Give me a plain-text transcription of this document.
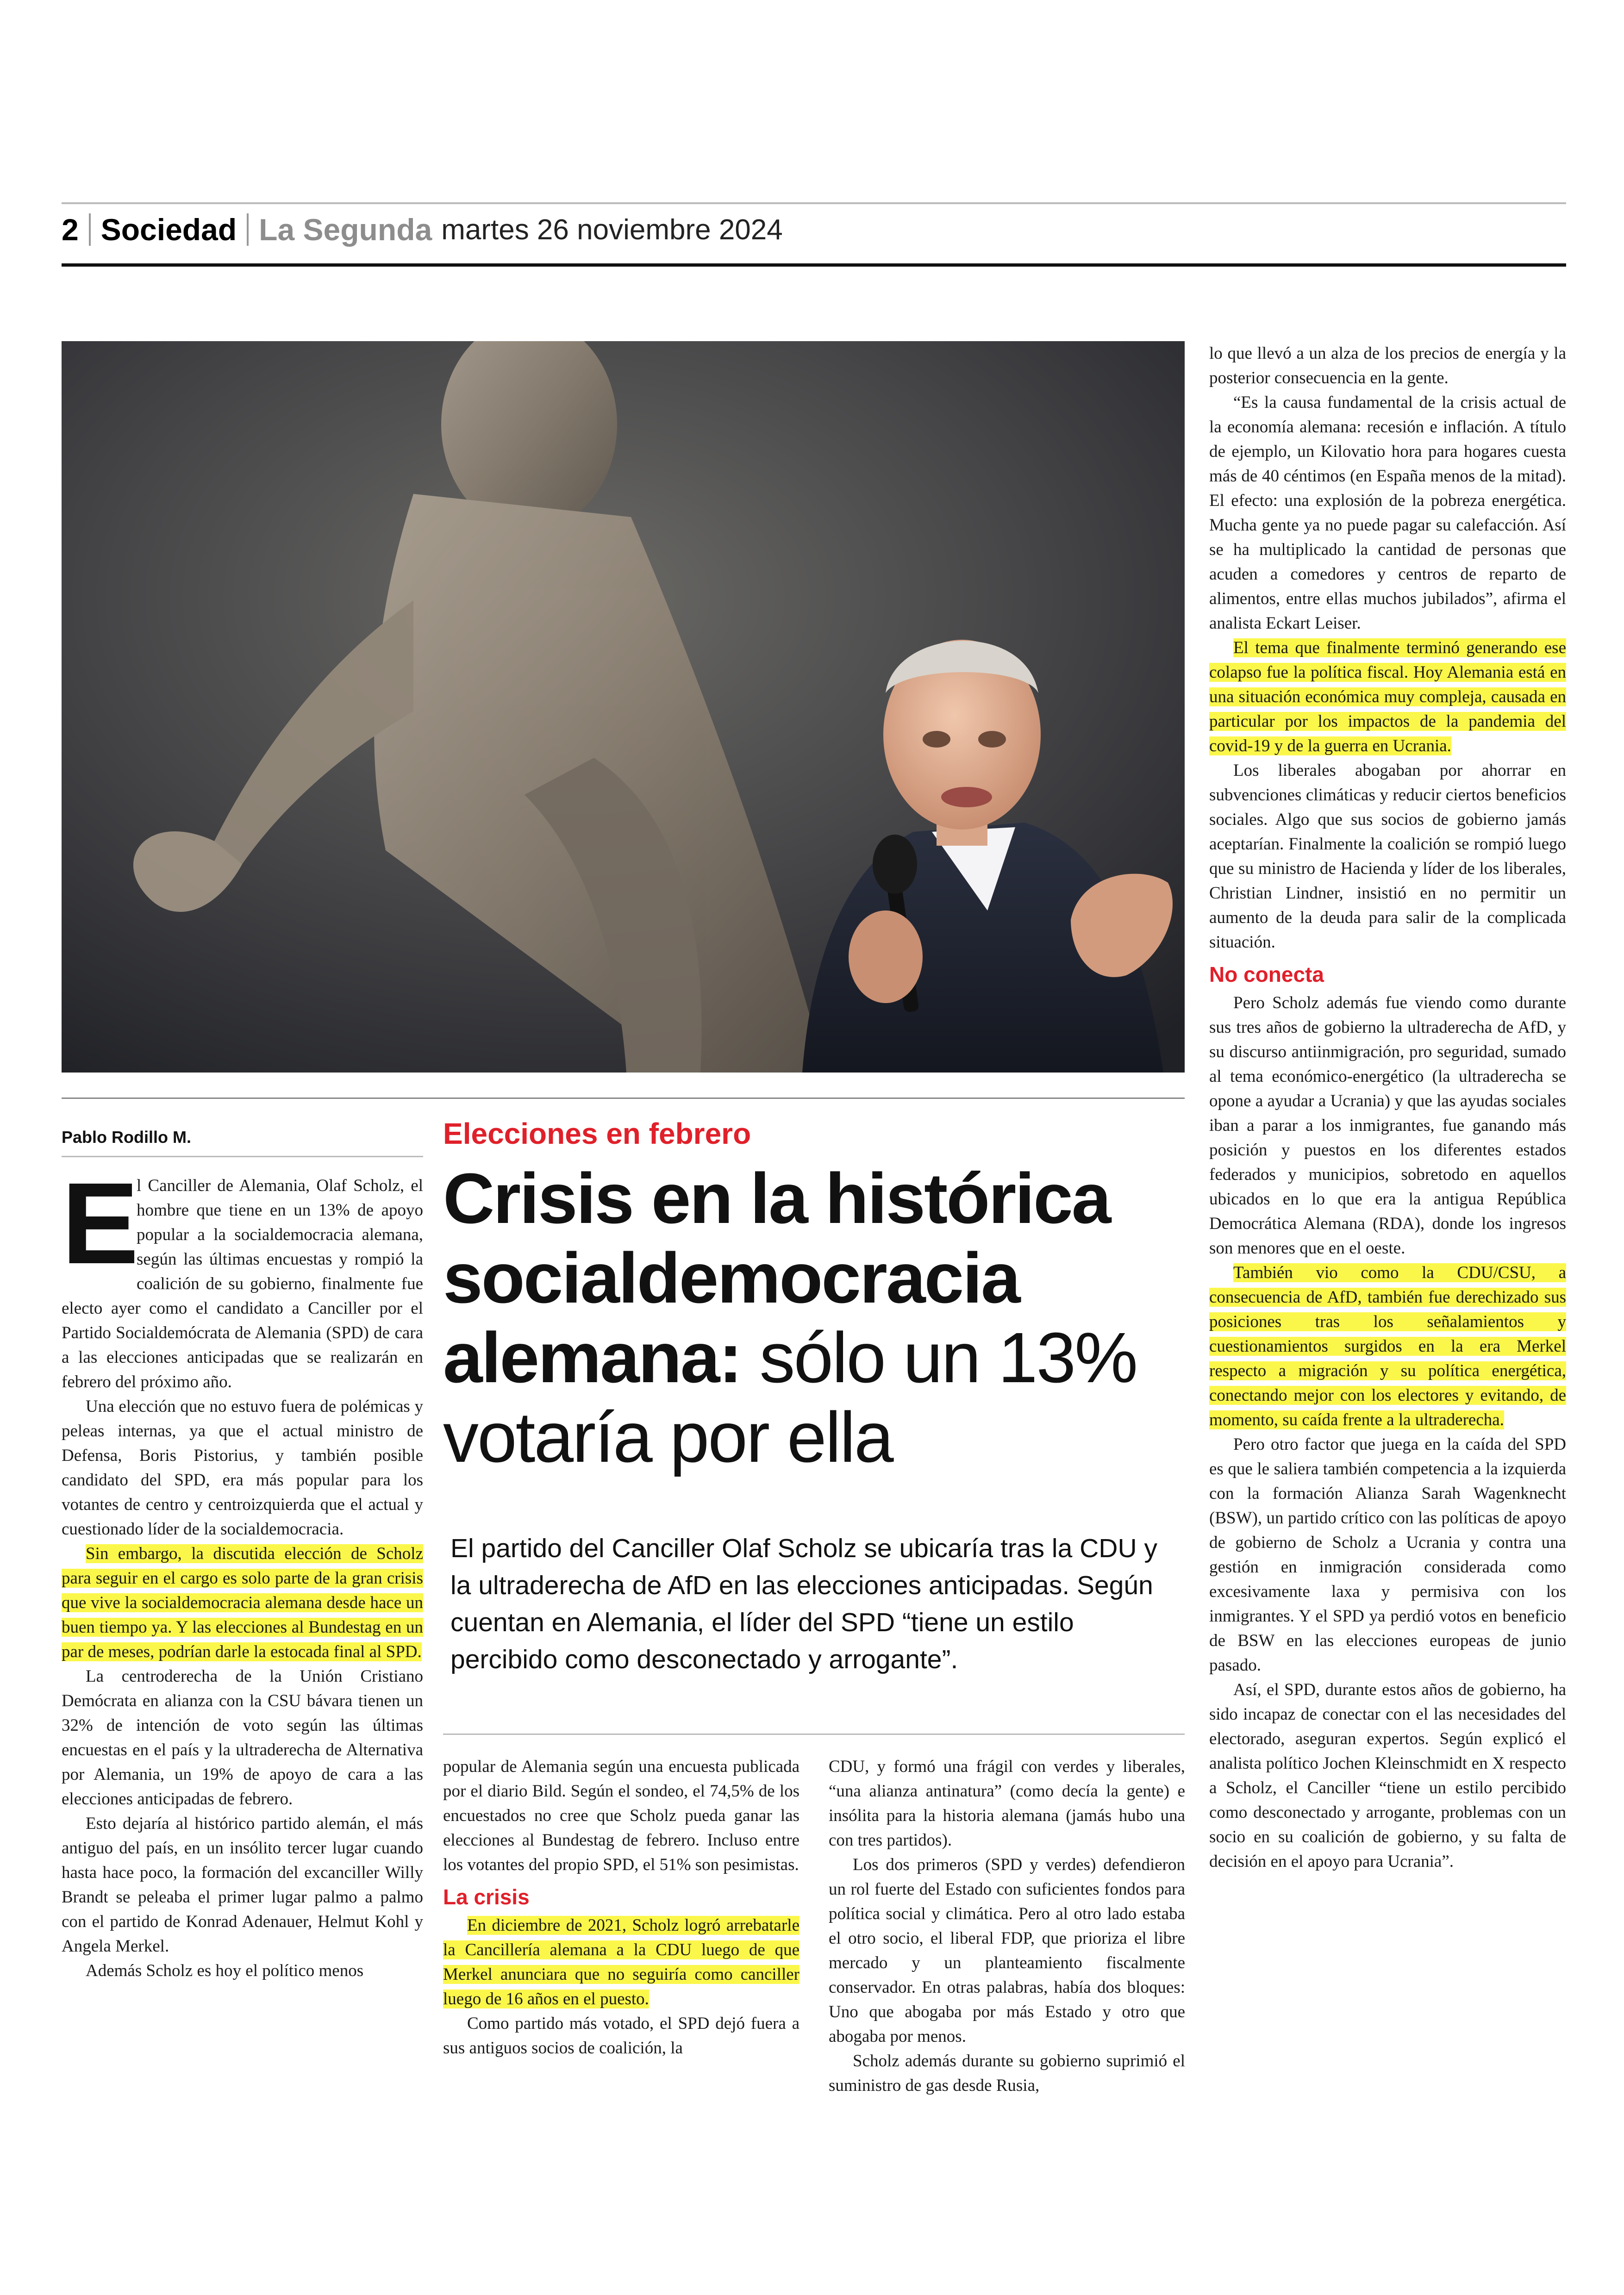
2 Sociedad La Segunda martes 26 noviembre 2024
Pablo Rodillo M.

E
l Canciller de Alemania, Olaf Scholz, el hombre que tiene en un 13% de apoyo popular a la socialdemocracia alemana, según las últimas encuestas y rompió la coalición de su gobierno, finalmente fue electo ayer como el candidato a Canciller por el Partido Socialdemócrata de Alemania (SPD) de cara a las elecciones anticipadas que se realizarán en febrero del próximo año.

Una elección que no estuvo fuera de polémicas y peleas internas, ya que el actual ministro de Defensa, Boris Pistorius, y también posible candidato del SPD, era más popular para los votantes de centro y centroizquierda que el actual y cuestionado líder de la socialdemocracia.

Sin embargo, la discutida elección de Scholz para seguir en el cargo es solo parte de la gran crisis que vive la socialdemocracia alemana desde hace un buen tiempo ya. Y las elecciones al Bundestag en un par de meses, podrían darle la estocada final al SPD.

La centroderecha de la Unión Cristiano Demócrata en alianza con la CSU bávara tienen un 32% de intención de voto según las últimas encuestas en el país y la ultraderecha de Alternativa por Alemania, un 19% de apoyo de cara a las elecciones anticipadas de febrero.

Esto dejaría al histórico partido alemán, el más antiguo del país, en un insólito tercer lugar cuando hasta hace poco, la formación del excanciller Willy Brandt se peleaba el primer lugar palmo a palmo con el partido de Konrad Adenauer, Helmut Kohl y Angela Merkel.

Además Scholz es hoy el político menos

Elecciones en febrero
Crisis en la histórica socialdemocracia alemana: sólo un 13% votaría por ella
El partido del Canciller Olaf Scholz se ubicaría tras la CDU y la ultraderecha de AfD en las elecciones anticipadas. Según cuentan en Alemania, el líder del SPD “tiene un estilo percibido como desconectado y arrogante”.

popular de Alemania según una encuesta publicada por el diario Bild. Según el sondeo, el 74,5% de los encuestados no cree que Scholz pueda ganar las elecciones al Bundestag de febrero. Incluso entre los votantes del propio SPD, el 51% son pesimistas.

La crisis

En diciembre de 2021, Scholz logró arrebatarle la Cancillería alemana a la CDU luego de que Merkel anunciara que no seguiría como canciller luego de 16 años en el puesto.

Como partido más votado, el SPD dejó fuera a sus antiguos socios de coalición, la

CDU, y formó una frágil con verdes y liberales, “una alianza antinatura” (como decía la gente) e insólita para la historia alemana (jamás hubo una con tres partidos).

Los dos primeros (SPD y verdes) defendieron un rol fuerte del Estado con suficientes fondos para política social y climática. Pero al otro lado estaba el otro socio, el liberal FDP, que prioriza el libre mercado y un planteamiento fiscalmente conservador. En otras palabras, había dos bloques: Uno que abogaba por más Estado y otro que abogaba por menos.

Scholz además durante su gobierno suprimió el suministro de gas desde Rusia,

lo que llevó a un alza de los precios de energía y la posterior consecuencia en la gente.

“Es la causa fundamental de la crisis actual de la economía alemana: recesión e inflación. A título de ejemplo, un Kilovatio hora para hogares cuesta más de 40 céntimos (en España menos de la mitad). El efecto: una explosión de la pobreza energética. Mucha gente ya no puede pagar su calefacción. Así se ha multiplicado la cantidad de personas que acuden a comedores y centros de reparto de alimentos, entre ellas muchos jubilados”, afirma el analista Eckart Leiser.

El tema que finalmente terminó generando ese colapso fue la política fiscal. Hoy Alemania está en una situación económica muy compleja, causada en particular por los impactos de la pandemia del covid-19 y de la guerra en Ucrania.

Los liberales abogaban por ahorrar en subvenciones climáticas y reducir ciertos beneficios sociales. Algo que sus socios de gobierno jamás aceptarían. Finalmente la coalición se rompió luego que su ministro de Hacienda y líder de los liberales, Christian Lindner, insistió en no permitir un aumento de la deuda para salir de la complicada situación.

No conecta

Pero Scholz además fue viendo como durante sus tres años de gobierno la ultraderecha de AfD, y su discurso antiinmigración, pro seguridad, sumado al tema económico-energético (la ultraderecha se opone a ayudar a Ucrania) y que las ayudas sociales iban a parar a los inmigrantes, fue ganando más posición y puestos en los diferentes estados federados y municipios, sobretodo en aquellos ubicados en lo que era la antigua República Democrática Alemana (RDA), donde los ingresos son menores que en el oeste.

También vio como la CDU/CSU, a consecuencia de AfD, también fue derechizado sus posiciones tras los señalamientos y cuestionamientos surgidos en la era Merkel respecto a migración y su política energética, conectando mejor con los electores y evitando, de momento, su caída frente a la ultraderecha.

Pero otro factor que juega en la caída del SPD es que le saliera también competencia a la izquierda con la formación Alianza Sarah Wagenknecht (BSW), un partido crítico con las políticas de apoyo de gobierno de Scholz a Ucrania y contra una gestión en inmigración considerada como excesivamente laxa y permisiva con los inmigrantes. Y el SPD ya perdió votos en beneficio de BSW en las elecciones europeas de junio pasado.

Así, el SPD, durante estos años de gobierno, ha sido incapaz de conectar con el las necesidades del electorado, aseguran expertos. Según explicó el analista político Jochen Kleinschmidt en X respecto a Scholz, el Canciller “tiene un estilo percibido como desconectado y arrogante, problemas con un socio en su coalición de gobierno, y su falta de decisión en el apoyo para Ucrania”.
